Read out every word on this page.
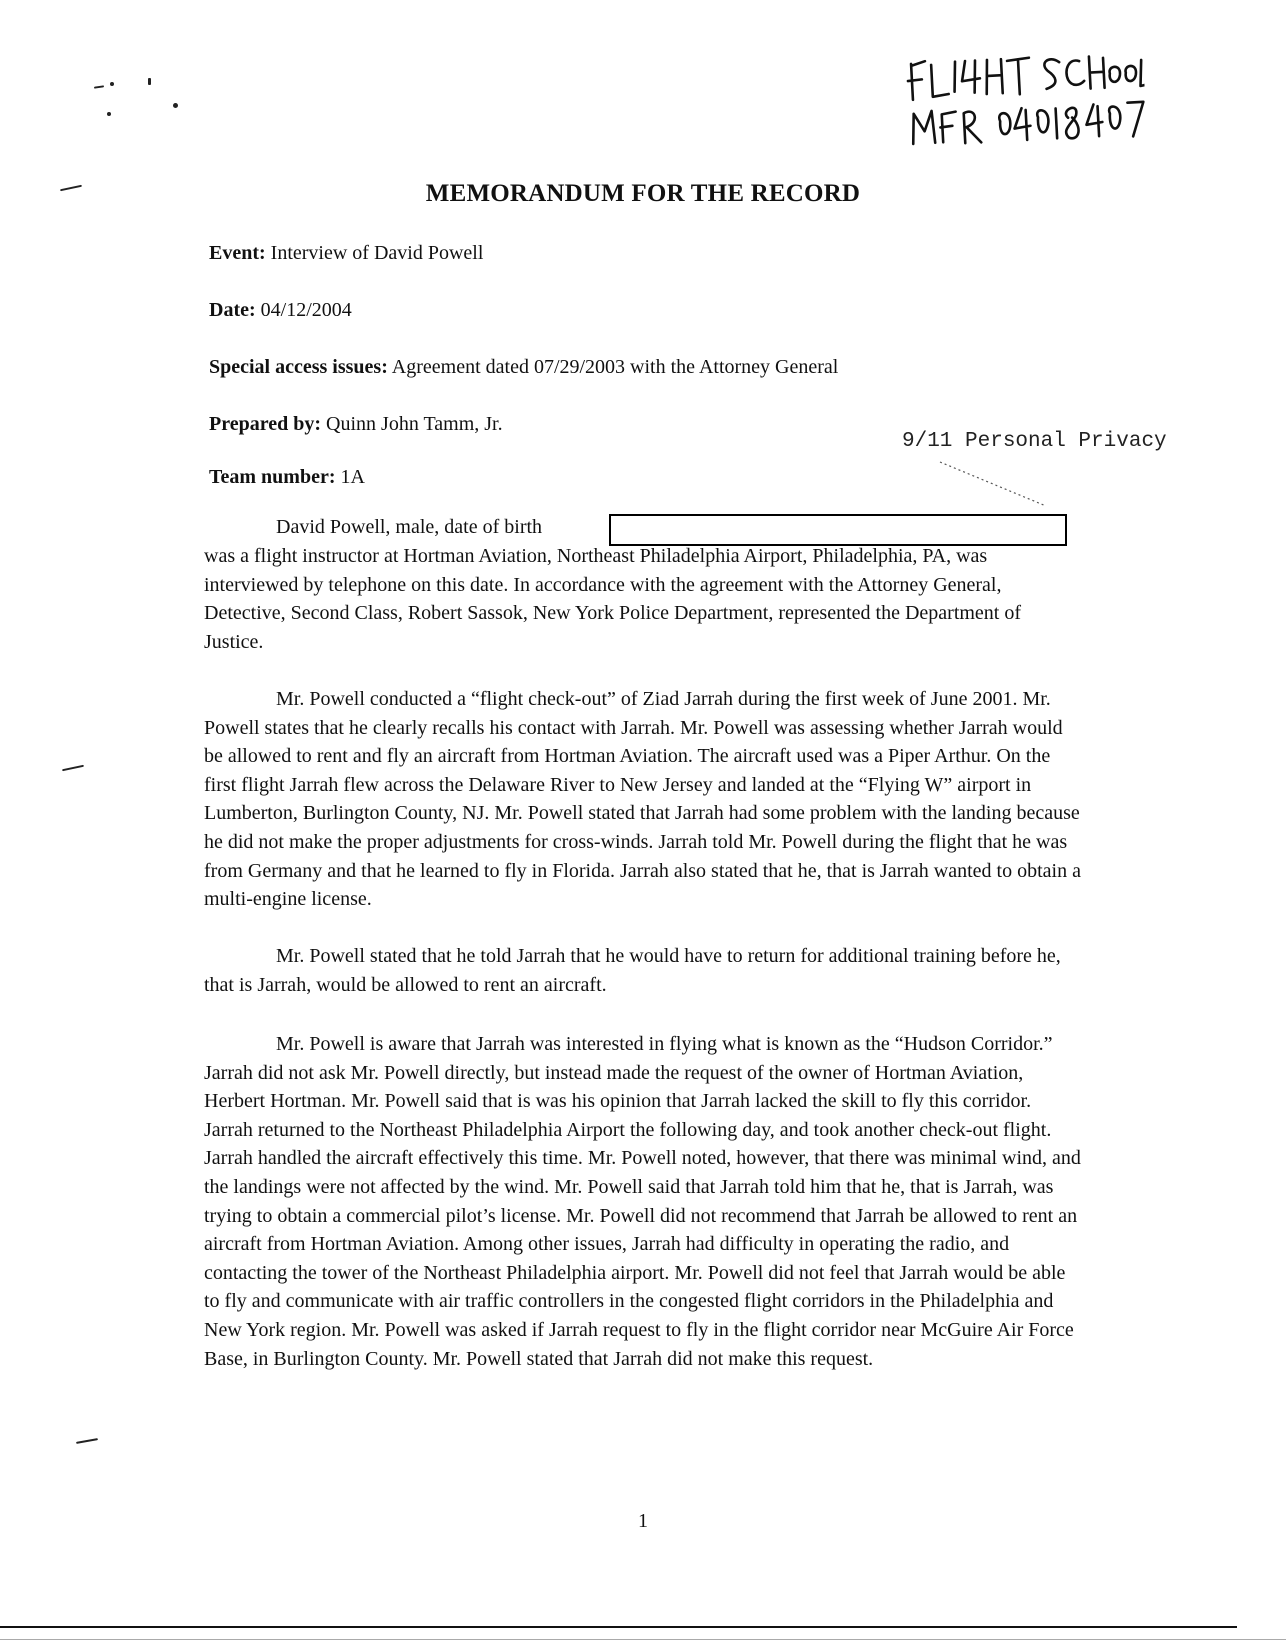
MEMORANDUM FOR THE RECORD
Event: Interview of David Powell
Date: 04/12/2004
Special access issues: Agreement dated 07/29/2003 with the Attorney General
Prepared by: Quinn John Tamm, Jr.
Team number: 1A
9/11 Personal Privacy

David Powell, male, date of birth

was a flight instructor at Hortman Aviation, Northeast Philadelphia Airport, Philadelphia, PA, was interviewed by telephone on this date. In accordance with the agreement with the Attorney General, Detective, Second Class, Robert Sassok, New York Police Department, represented the Department of Justice.

Mr. Powell conducted a “flight check-out” of Ziad Jarrah during the first week of June 2001. Mr. Powell states that he clearly recalls his contact with Jarrah. Mr. Powell was assessing whether Jarrah would be allowed to rent and fly an aircraft from Hortman Aviation. The aircraft used was a Piper Arthur. On the first flight Jarrah flew across the Delaware River to New Jersey and landed at the “Flying W” airport in Lumberton, Burlington County, NJ. Mr. Powell stated that Jarrah had some problem with the landing because he did not make the proper adjustments for cross-winds. Jarrah told Mr. Powell during the flight that he was from Germany and that he learned to fly in Florida. Jarrah also stated that he, that is Jarrah wanted to obtain a multi-engine license.

Mr. Powell stated that he told Jarrah that he would have to return for additional training before he, that is Jarrah, would be allowed to rent an aircraft.

Mr. Powell is aware that Jarrah was interested in flying what is known as the “Hudson Corridor.” Jarrah did not ask Mr. Powell directly, but instead made the request of the owner of Hortman Aviation, Herbert Hortman. Mr. Powell said that is was his opinion that Jarrah lacked the skill to fly this corridor. Jarrah returned to the Northeast Philadelphia Airport the following day, and took another check-out flight. Jarrah handled the aircraft effectively this time. Mr. Powell noted, however, that there was minimal wind, and the landings were not affected by the wind. Mr. Powell said that Jarrah told him that he, that is Jarrah, was trying to obtain a commercial pilot’s license. Mr. Powell did not recommend that Jarrah be allowed to rent an aircraft from Hortman Aviation. Among other issues, Jarrah had difficulty in operating the radio, and contacting the tower of the Northeast Philadelphia airport. Mr. Powell did not feel that Jarrah would be able to fly and communicate with air traffic controllers in the congested flight corridors in the Philadelphia and New York region. Mr. Powell was asked if Jarrah request to fly in the flight corridor near McGuire Air Force Base, in Burlington County. Mr. Powell stated that Jarrah did not make this request.

1
